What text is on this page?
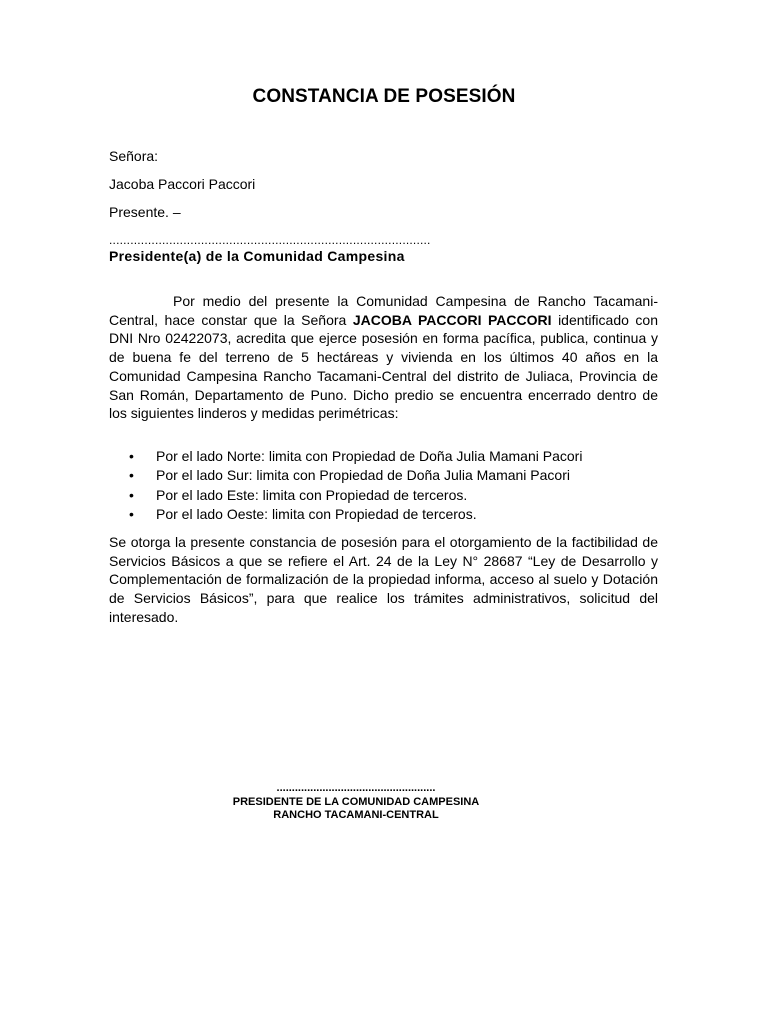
CONSTANCIA DE POSESIÓN
Señora:
Jacoba Paccori Paccori
Presente. –
...........................................................................................
Presidente(a) de la Comunidad Campesina

Por medio del presente la Comunidad Campesina de Rancho Tacamani-Central, hace constar que la Señora JACOBA PACCORI PACCORI identificado con DNI Nro 02422073, acredita que ejerce posesión en forma pacífica, publica, continua y de buena fe del terreno de 5 hectáreas y vivienda en los últimos 40 años en la Comunidad Campesina Rancho Tacamani-Central del distrito de Juliaca, Provincia de San Román, Departamento de Puno. Dicho predio se encuentra encerrado dentro de los siguientes linderos y medidas perimétricas:

• Por el lado Norte: limita con Propiedad de Doña Julia Mamani Pacori
• Por el lado Sur: limita con Propiedad de Doña Julia Mamani Pacori
• Por el lado Este: limita con Propiedad de terceros.
• Por el lado Oeste: limita con Propiedad de terceros.

Se otorga la presente constancia de posesión para el otorgamiento de la factibilidad de Servicios Básicos a que se refiere el Art. 24 de la Ley N° 28687 “Ley de Desarrollo y Complementación de formalización de la propiedad informa, acceso al suelo y Dotación de Servicios Básicos”, para que realice los trámites administrativos, solicitud del interesado.

....................................................
PRESIDENTE DE LA COMUNIDAD CAMPESINA
RANCHO TACAMANI-CENTRAL
